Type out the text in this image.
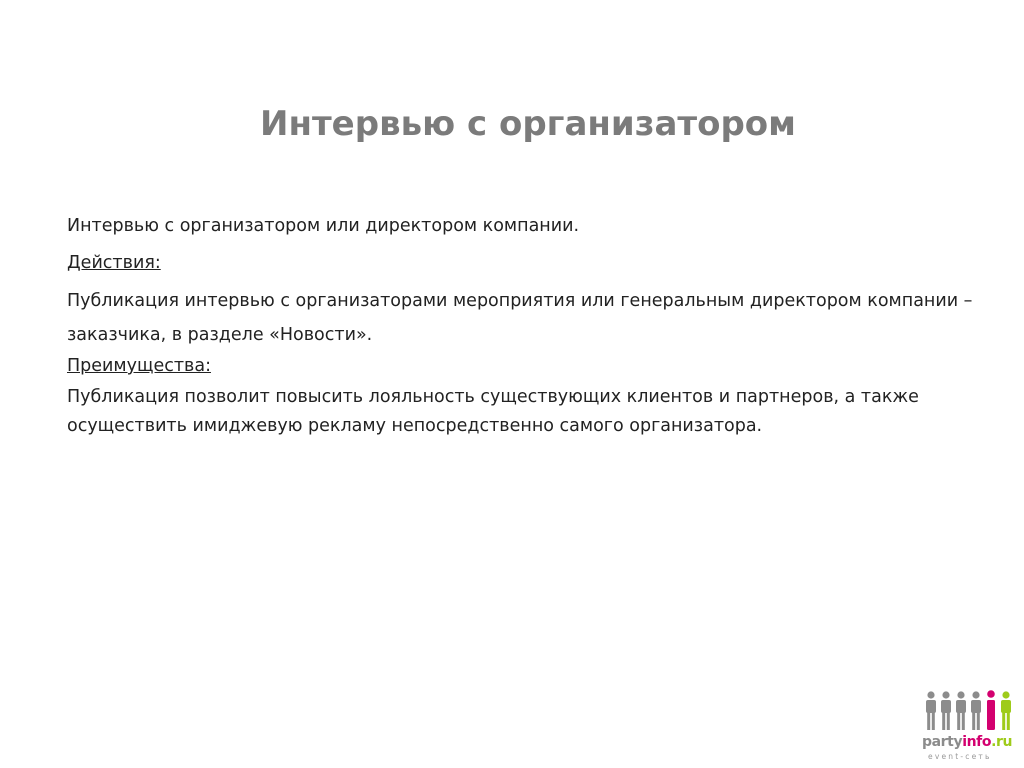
Интервью с организатором

Интервью с организатором или директором компании.

Действия:

Публикация интервью с организаторами мероприятия или генеральным директором компании – заказчика, в разделе «Новости».

Преимущества:

Публикация позволит повысить лояльность существующих клиентов и партнеров, а также осуществить имиджевую рекламу непосредственно самого организатора.

partyinfo.ru
event-сеть
